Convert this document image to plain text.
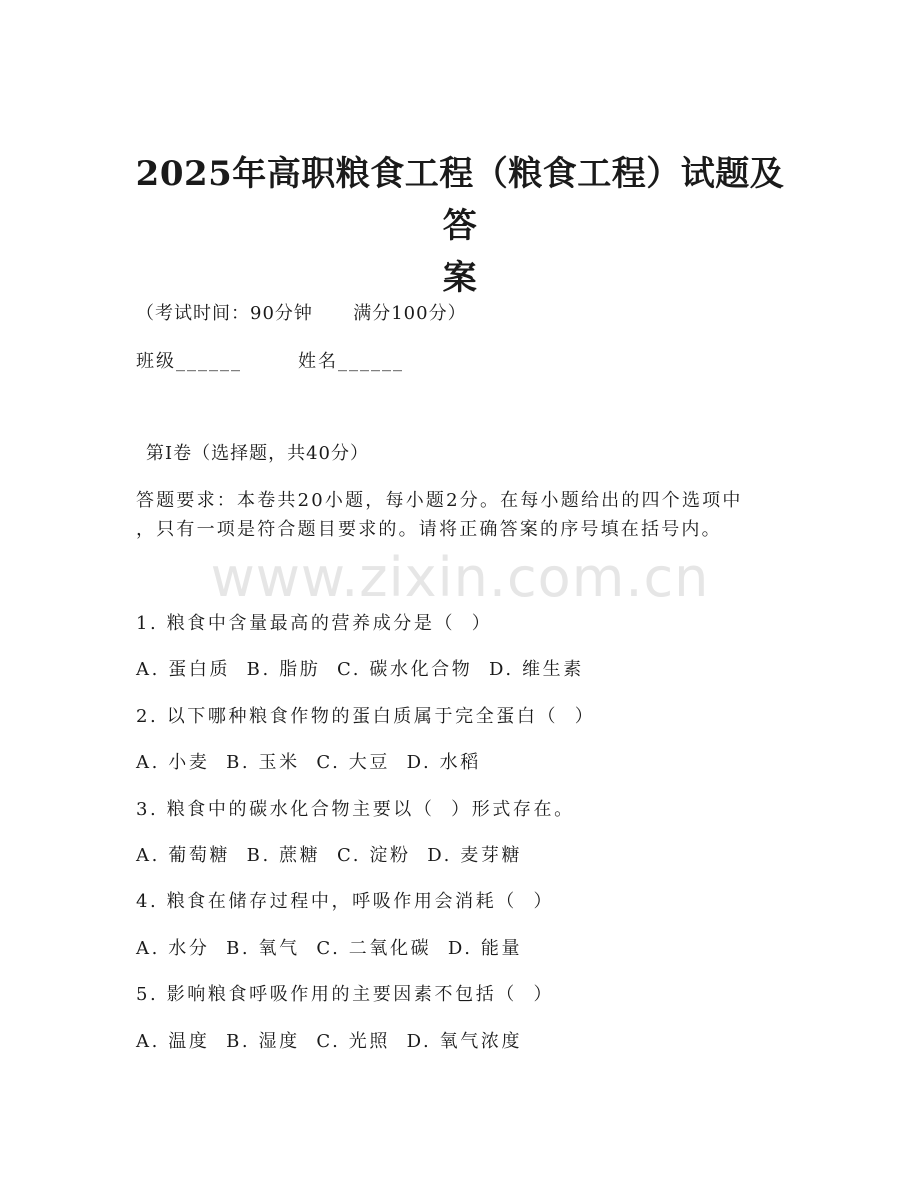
2025年高职粮食工程（粮食工程）试题及答
案
（考试时间：90分钟      满分100分）
班级______	姓名______
第I卷（选择题，共40分）
答题要求：本卷共20小题，每小题2分。在每小题给出的四个选项中
，只有一项是符合题目要求的。请将正确答案的序号填在括号内。
www.zixin.com.cn
1. 粮食中含量最高的营养成分是（  ）
A. 蛋白质  B. 脂肪  C. 碳水化合物  D. 维生素
2. 以下哪种粮食作物的蛋白质属于完全蛋白（  ）
A. 小麦  B. 玉米  C. 大豆  D. 水稻
3. 粮食中的碳水化合物主要以（  ）形式存在。
A. 葡萄糖  B. 蔗糖  C. 淀粉  D. 麦芽糖
4. 粮食在储存过程中，呼吸作用会消耗（  ）
A. 水分  B. 氧气  C. 二氧化碳  D. 能量
5. 影响粮食呼吸作用的主要因素不包括（  ）
A. 温度  B. 湿度  C. 光照  D. 氧气浓度
